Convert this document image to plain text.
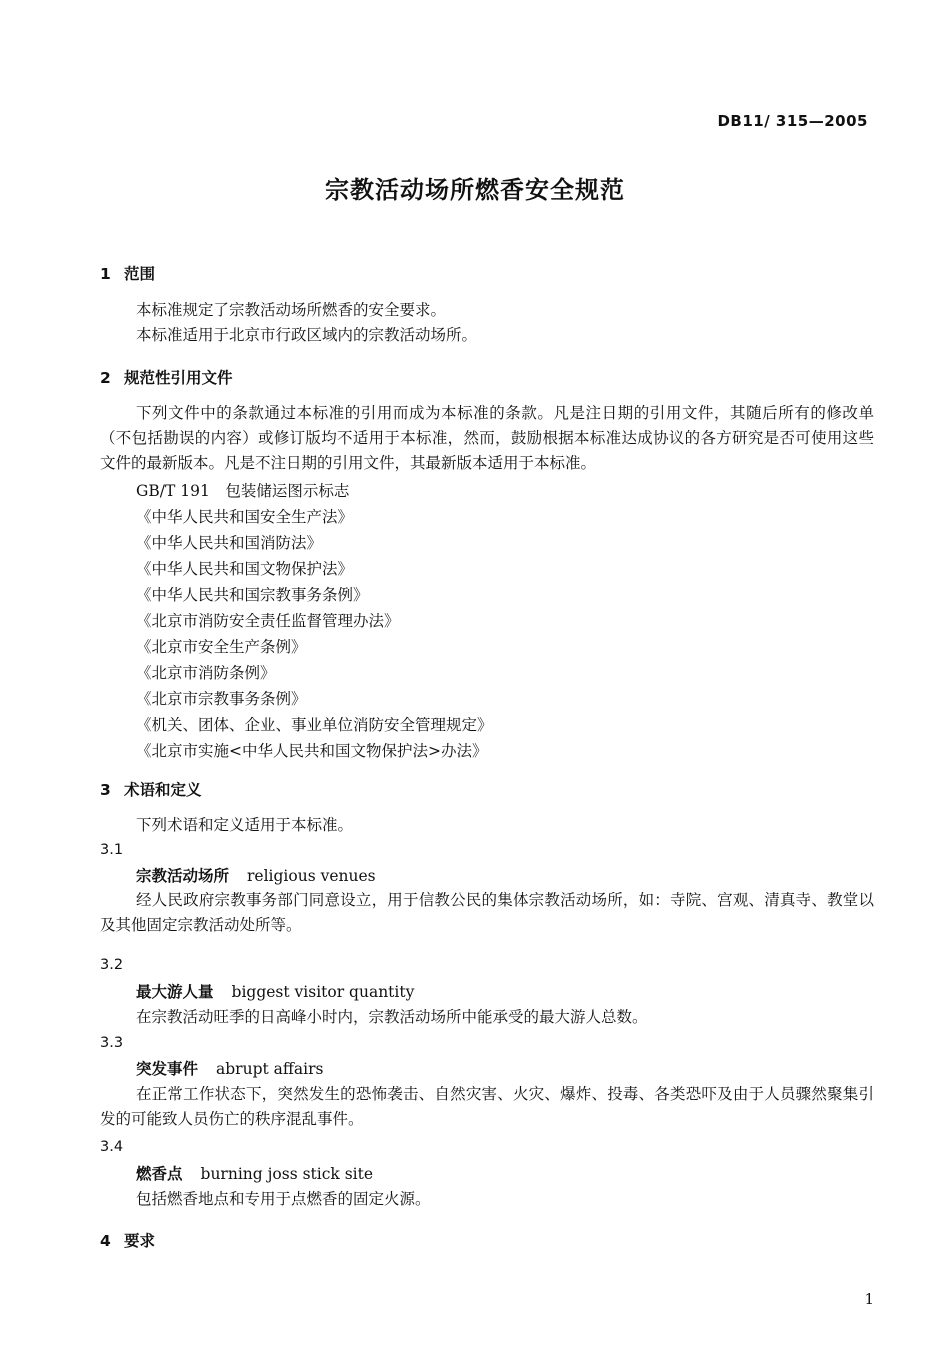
DB11/ 315—2005
宗教活动场所燃香安全规范
1 范围
本标准规定了宗教活动场所燃香的安全要求。
本标准适用于北京市行政区域内的宗教活动场所。
2 规范性引用文件
下列文件中的条款通过本标准的引用而成为本标准的条款。凡是注日期的引用文件，其随后所有的修改单（不包括勘误的内容）或修订版均不适用于本标准，然而，鼓励根据本标准达成协议的各方研究是否可使用这些文件的最新版本。凡是不注日期的引用文件，其最新版本适用于本标准。
GB/T 191　包装储运图示标志
《中华人民共和国安全生产法》
《中华人民共和国消防法》
《中华人民共和国文物保护法》
《中华人民共和国宗教事务条例》
《北京市消防安全责任监督管理办法》
《北京市安全生产条例》
《北京市消防条例》
《北京市宗教事务条例》
《机关、团体、企业、事业单位消防安全管理规定》
《北京市实施<中华人民共和国文物保护法>办法》
3 术语和定义
下列术语和定义适用于本标准。
3.1
宗教活动场所 religious venues
经人民政府宗教事务部门同意设立，用于信教公民的集体宗教活动场所，如：寺院、宫观、清真寺、教堂以及其他固定宗教活动处所等。
3.2
最大游人量 biggest visitor quantity
在宗教活动旺季的日高峰小时内，宗教活动场所中能承受的最大游人总数。
3.3
突发事件 abrupt affairs
在正常工作状态下，突然发生的恐怖袭击、自然灾害、火灾、爆炸、投毒、各类恐吓及由于人员骤然聚集引发的可能致人员伤亡的秩序混乱事件。
3.4
燃香点 burning joss stick site
包括燃香地点和专用于点燃香的固定火源。
4 要求
1
